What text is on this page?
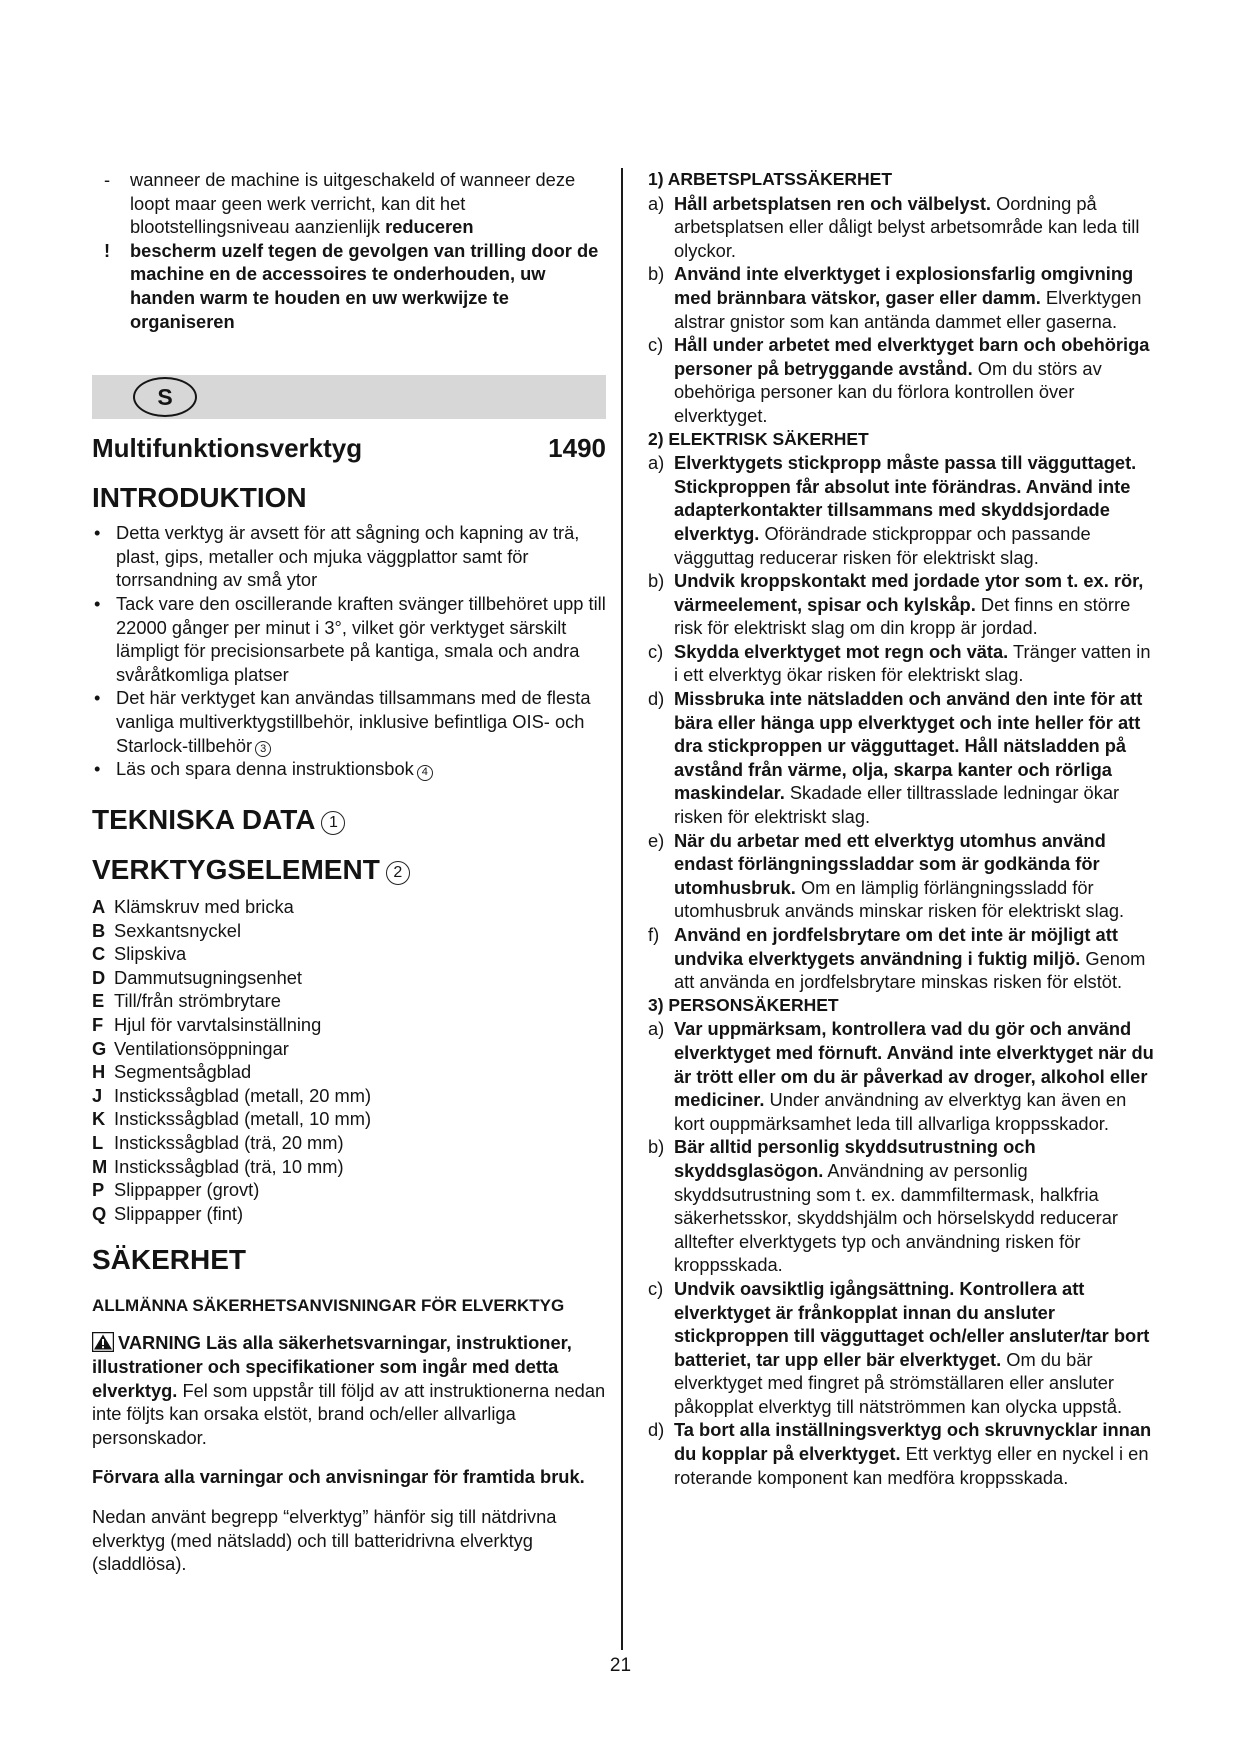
- wanneer de machine is uitgeschakeld of wanneer deze loopt maar geen werk verricht, kan dit het blootstellingsniveau aanzienlijk reduceren
! bescherm uzelf tegen de gevolgen van trilling door de machine en de accessoires te onderhouden, uw handen warm te houden en uw werkwijze te organiseren
S
Multifunktionsverktyg	1490
INTRODUKTION
• Detta verktyg är avsett för att sågning och kapning av trä, plast, gips, metaller och mjuka väggplattor samt för torrsandning av små ytor
• Tack vare den oscillerande kraften svänger tillbehöret upp till 22000 gånger per minut i 3°, vilket gör verktyget särskilt lämpligt för precisionsarbete på kantiga, smala och andra svåråtkomliga platser
• Det här verktyget kan användas tillsammans med de flesta vanliga multiverktygstillbehör, inklusive befintliga OIS- och Starlock-tillbehör 3
• Läs och spara denna instruktionsbok 4
TEKNISKA DATA 1
VERKTYGSELEMENT 2
A Klämskruv med bricka
B Sexkantsnyckel
C Slipskiva
D Dammutsugningsenhet
E Till/från strömbrytare
F Hjul för varvtalsinställning
G Ventilationsöppningar
H Segmentsågblad
J Instickssågblad (metall, 20 mm)
K Instickssågblad (metall, 10 mm)
L Instickssågblad (trä, 20 mm)
M Instickssågblad (trä, 10 mm)
P Slippapper (grovt)
Q Slippapper (fint)
SÄKERHET
ALLMÄNNA SÄKERHETSANVISNINGAR FÖR ELVERKTYG

VARNING Läs alla säkerhetsvarningar, instruktioner, illustrationer och specifikationer som ingår med detta elverktyg. Fel som uppstår till följd av att instruktionerna nedan inte följts kan orsaka elstöt, brand och/eller allvarliga personskador.

Förvara alla varningar och anvisningar för framtida bruk.

Nedan använt begrepp “elverktyg” hänför sig till nätdrivna elverktyg (med nätsladd) och till batteridrivna elverktyg (sladdlösa).

1) ARBETSPLATSSÄKERHET
a) Håll arbetsplatsen ren och välbelyst. Oordning på arbetsplatsen eller dåligt belyst arbetsområde kan leda till olyckor.
b) Använd inte elverktyget i explosionsfarlig omgivning med brännbara vätskor, gaser eller damm. Elverktygen alstrar gnistor som kan antända dammet eller gaserna.
c) Håll under arbetet med elverktyget barn och obehöriga personer på betryggande avstånd. Om du störs av obehöriga personer kan du förlora kontrollen över elverktyget.
2) ELEKTRISK SÄKERHET
a) Elverktygets stickpropp måste passa till vägguttaget. Stickproppen får absolut inte förändras. Använd inte adapterkontakter tillsammans med skyddsjordade elverktyg. Oförändrade stickproppar och passande vägguttag reducerar risken för elektriskt slag.
b) Undvik kroppskontakt med jordade ytor som t. ex. rör, värmeelement, spisar och kylskåp. Det finns en större risk för elektriskt slag om din kropp är jordad.
c) Skydda elverktyget mot regn och väta. Tränger vatten in i ett elverktyg ökar risken för elektriskt slag.
d) Missbruka inte nätsladden och använd den inte för att bära eller hänga upp elverktyget och inte heller för att dra stickproppen ur vägguttaget. Håll nätsladden på avstånd från värme, olja, skarpa kanter och rörliga maskindelar. Skadade eller tilltrasslade ledningar ökar risken för elektriskt slag.
e) När du arbetar med ett elverktyg utomhus använd endast förlängningssladdar som är godkända för utomhusbruk. Om en lämplig förlängningssladd för utomhusbruk används minskar risken för elektriskt slag.
f) Använd en jordfelsbrytare om det inte är möjligt att undvika elverktygets användning i fuktig miljö. Genom att använda en jordfelsbrytare minskas risken för elstöt.
3) PERSONSÄKERHET
a) Var uppmärksam, kontrollera vad du gör och använd elverktyget med förnuft. Använd inte elverktyget när du är trött eller om du är påverkad av droger, alkohol eller mediciner. Under användning av elverktyg kan även en kort ouppmärksamhet leda till allvarliga kroppsskador.
b) Bär alltid personlig skyddsutrustning och skyddsglasögon. Användning av personlig skyddsutrustning som t. ex. dammfiltermask, halkfria säkerhetsskor, skyddshjälm och hörselskydd reducerar alltefter elverktygets typ och användning risken för kroppsskada.
c) Undvik oavsiktlig igångsättning. Kontrollera att elverktyget är frånkopplat innan du ansluter stickproppen till vägguttaget och/eller ansluter/tar bort batteriet, tar upp eller bär elverktyget. Om du bär elverktyget med fingret på strömställaren eller ansluter påkopplat elverktyg till nätströmmen kan olycka uppstå.
d) Ta bort alla inställningsverktyg och skruvnycklar innan du kopplar på elverktyget. Ett verktyg eller en nyckel i en roterande komponent kan medföra kroppsskada.
21
